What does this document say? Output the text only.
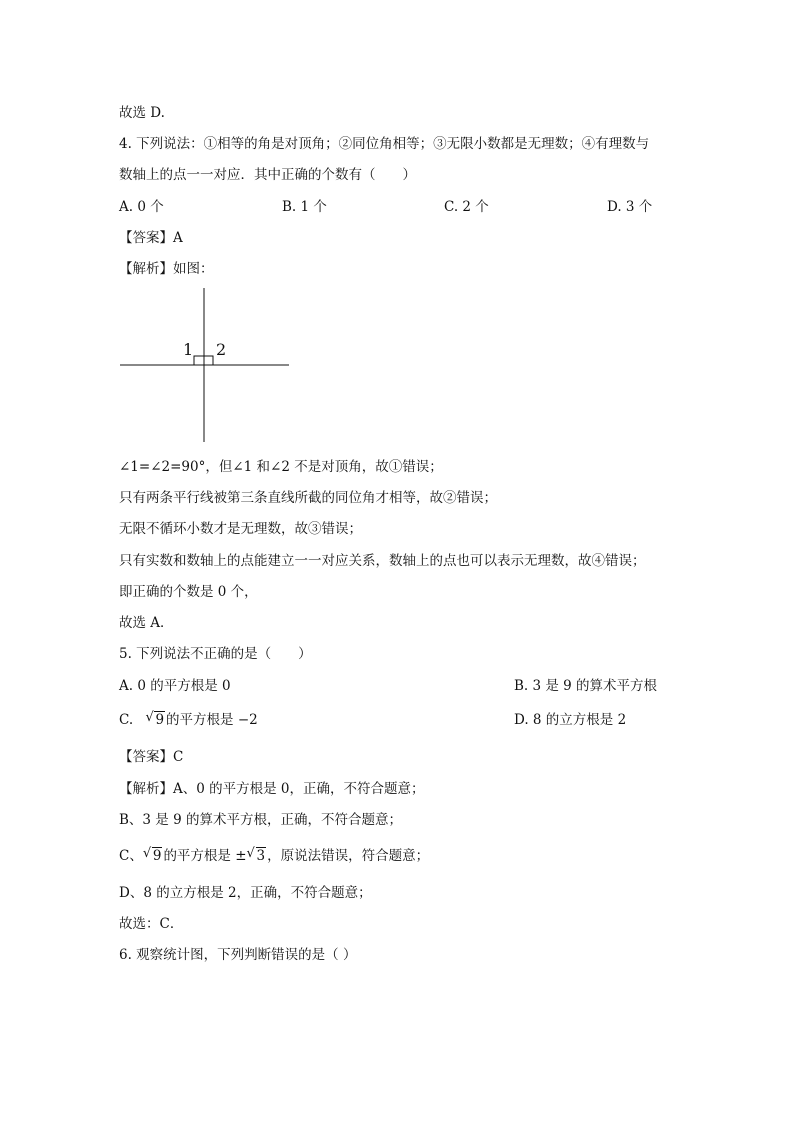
故选 D.
4. 下列说法：①相等的角是对顶角；②同位角相等；③无限小数都是无理数；④有理数与
数轴上的点一一对应．其中正确的个数有（　　）
A. 0 个	B. 1 个	C. 2 个	D. 3 个
【答案】A
【解析】如图：
1 2
∠1=∠2=90°，但∠1 和∠2 不是对顶角，故①错误；
只有两条平行线被第三条直线所截的同位角才相等，故②错误；
无限不循环小数才是无理数，故③错误；
只有实数和数轴上的点能建立一一对应关系，数轴上的点也可以表示无理数，故④错误；
即正确的个数是 0 个，
故选 A．
5. 下列说法不正确的是（　　）
A. 0 的平方根是 0	B. 3 是 9 的算术平方根
C. √ 9 的平方根是 −2	D. 8 的立方根是 2
【答案】C
【解析】A、0 的平方根是 0，正确，不符合题意；
B、3 是 9 的算术平方根，正确，不符合题意；
C、 √ 9 的平方根是 ± √ 3 ，原说法错误，符合题意；
D、8 的立方根是 2，正确，不符合题意；
故选：C．
6. 观察统计图，下列判断错误的是（ ）
